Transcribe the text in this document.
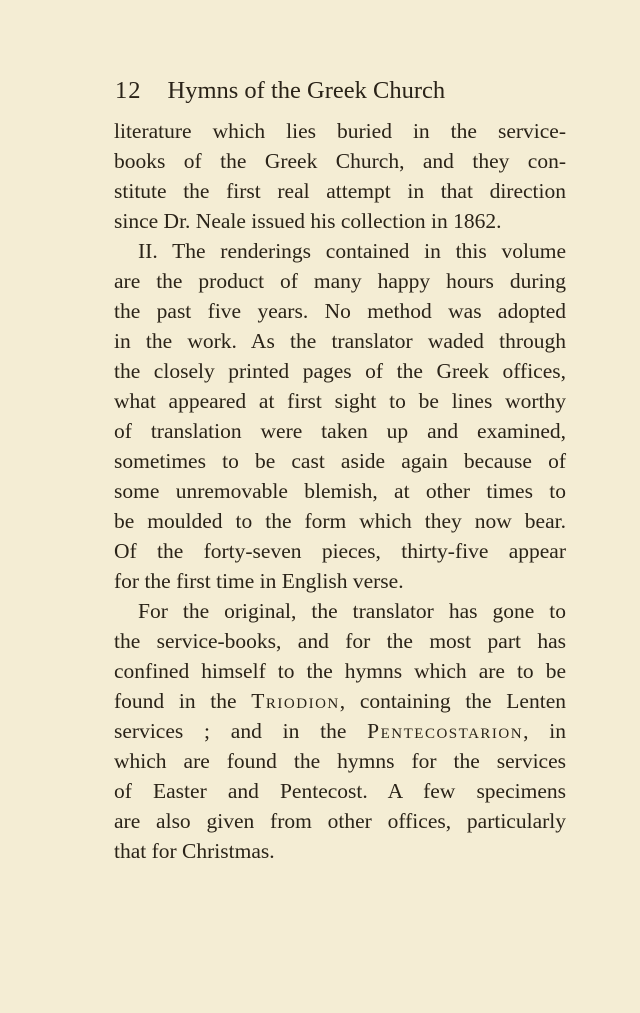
12 Hymns of the Greek Church
literature which lies buried in the service-
books of the Greek Church, and they con-
stitute the first real attempt in that direction
since Dr. Neale issued his collection in 1862.
II. The renderings contained in this volume
are the product of many happy hours during
the past five years. No method was adopted
in the work. As the translator waded through
the closely printed pages of the Greek offices,
what appeared at first sight to be lines worthy
of translation were taken up and examined,
sometimes to be cast aside again because of
some unremovable blemish, at other times to
be moulded to the form which they now bear.
Of the forty-seven pieces, thirty-five appear
for the first time in English verse.
For the original, the translator has gone to
the service-books, and for the most part has
confined himself to the hymns which are to be
found in the Triodion, containing the Lenten
services ; and in the Pentecostarion, in
which are found the hymns for the services
of Easter and Pentecost. A few specimens
are also given from other offices, particularly
that for Christmas.
